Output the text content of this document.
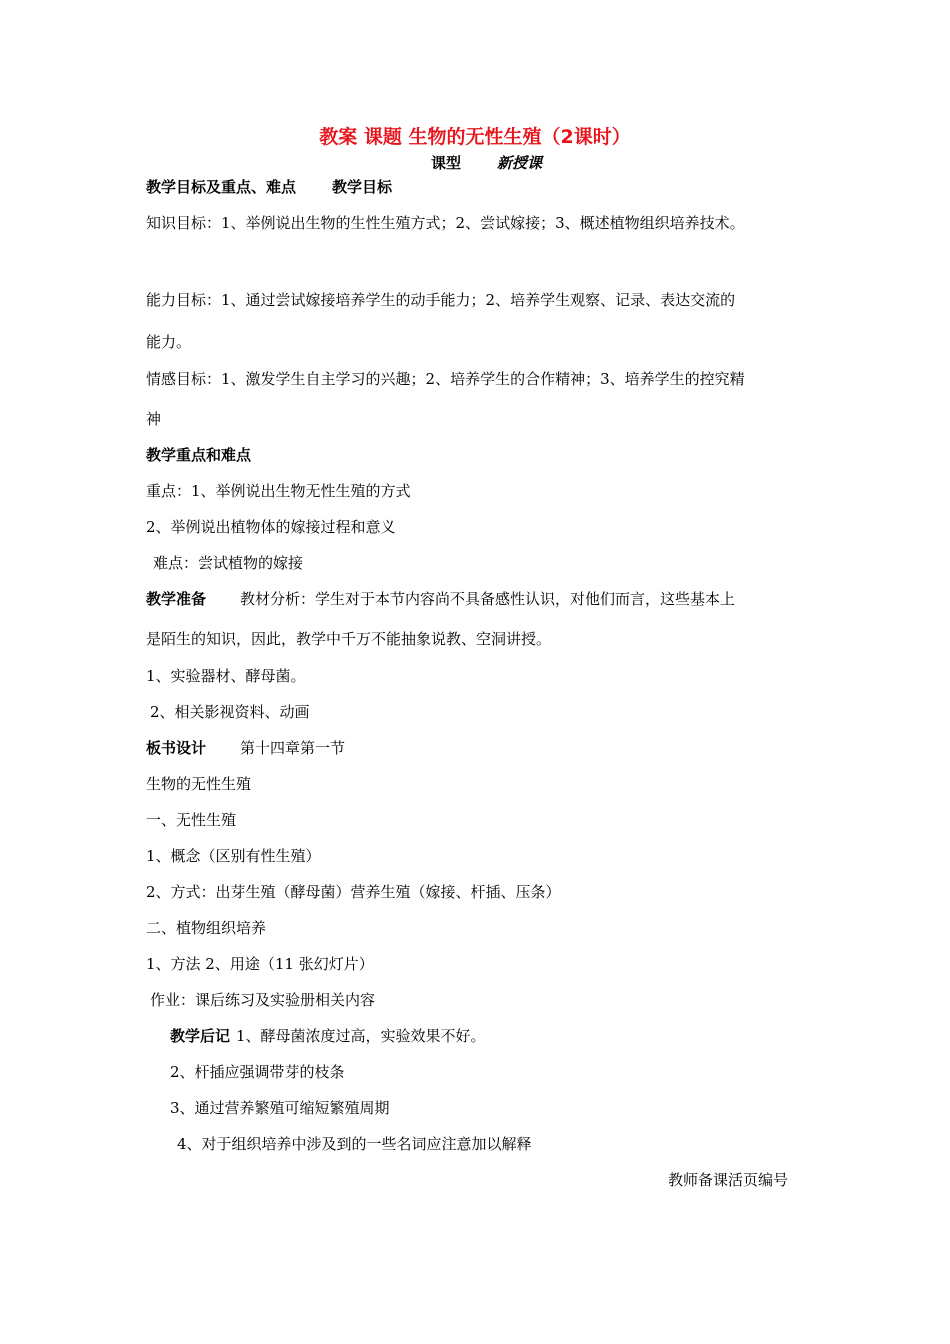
教案 课题 生物的无性生殖（2课时）
课型 新授课
教学目标及重点、难点 教学目标
知识目标：1、举例说出生物的生性生殖方式；2、尝试嫁接；3、概述植物组织培养技术。
能力目标：1、通过尝试嫁接培养学生的动手能力；2、培养学生观察、记录、表达交流的
能力。
情感目标：1、激发学生自主学习的兴趣；2、培养学生的合作精神；3、培养学生的控究精
神
教学重点和难点
重点：1、举例说出生物无性生殖的方式
2、举例说出植物体的嫁接过程和意义
难点：尝试植物的嫁接
教学准备 教材分析：学生对于本节内容尚不具备感性认识，对他们而言，这些基本上
是陌生的知识，因此，教学中千万不能抽象说教、空洞讲授。
1、实验器材、酵母菌。
2、相关影视资料、动画
板书设计 第十四章第一节
生物的无性生殖
一、无性生殖
1、概念（区别有性生殖）
2、方式：出芽生殖（酵母菌）营养生殖（嫁接、杆插、压条）
二、植物组织培养
1、方法 2、用途（11 张幻灯片）
作业：课后练习及实验册相关内容
教学后记 1、酵母菌浓度过高，实验效果不好。
2、杆插应强调带芽的枝条
3、通过营养繁殖可缩短繁殖周期
4、对于组织培养中涉及到的一些名词应注意加以解释
教师备课活页编号
